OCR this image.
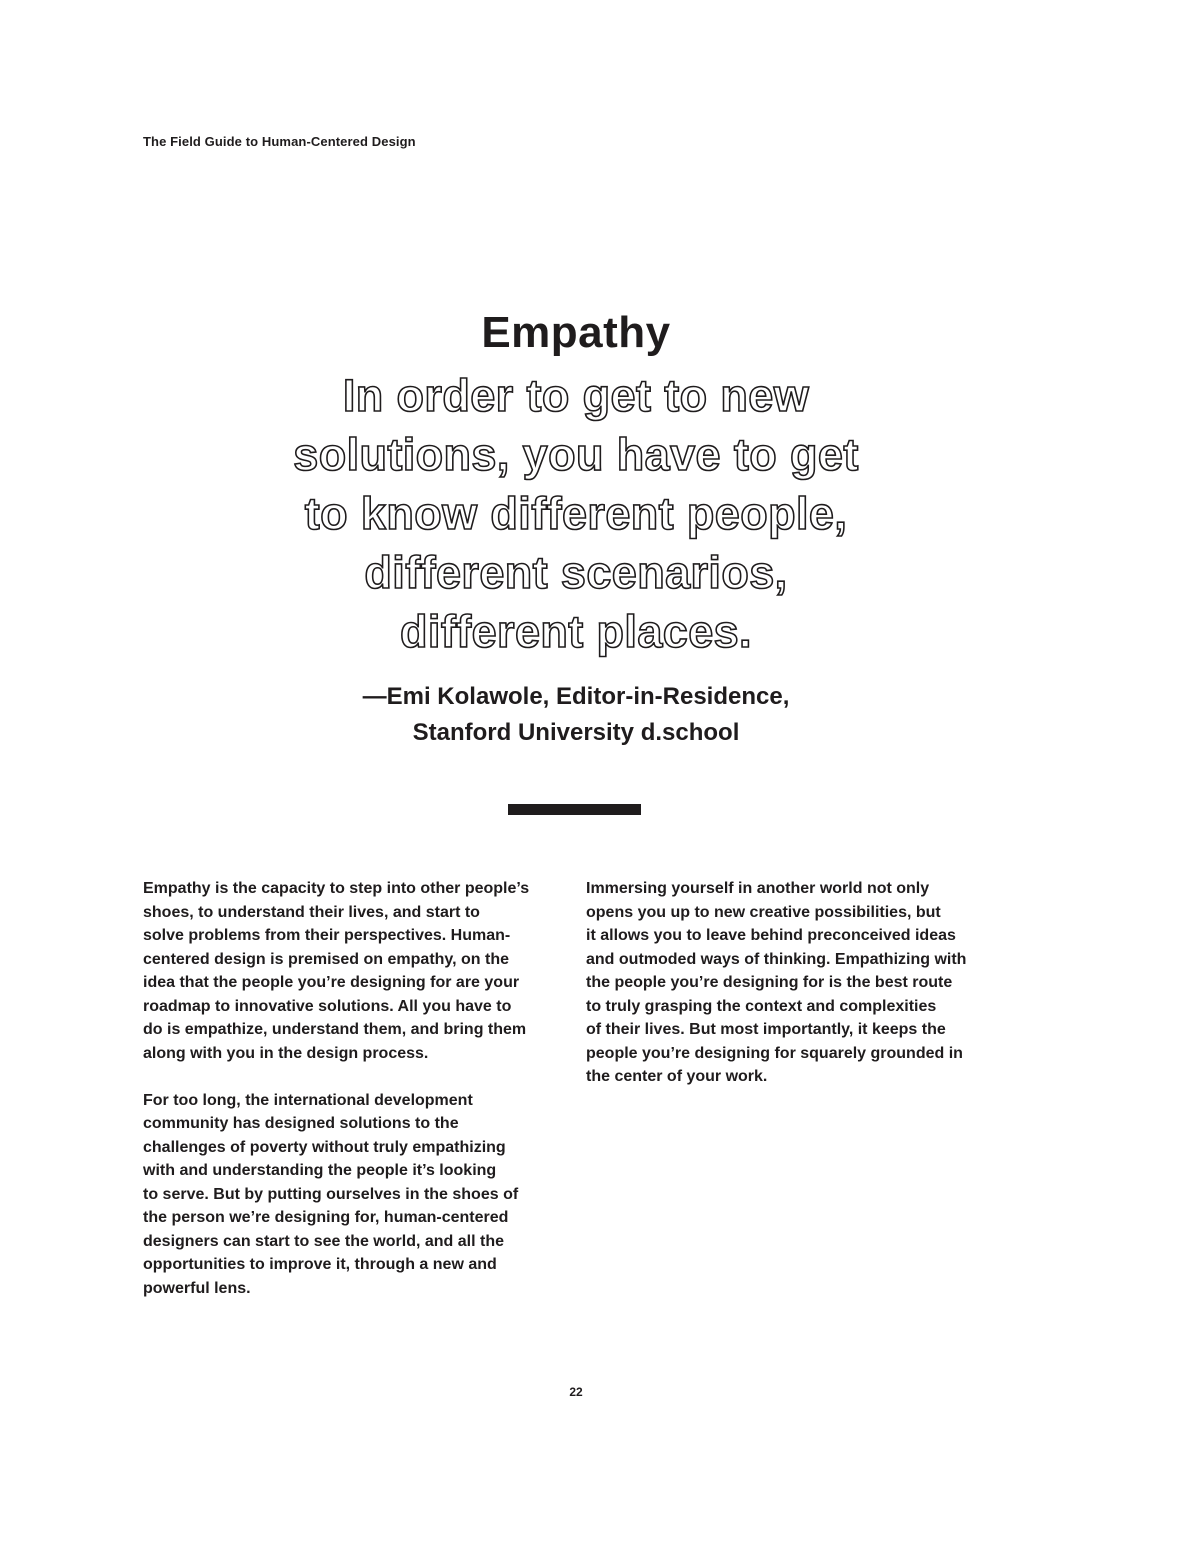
The Field Guide to Human-Centered Design
Empathy
In order to get to new
solutions, you have to get
to know different people,
different scenarios,
different places.
—Emi Kolawole, Editor-in-Residence,
Stanford University d.school

Empathy is the capacity to step into other people’s
shoes, to understand their lives, and start to
solve problems from their perspectives. Human-
centered design is premised on empathy, on the
idea that the people you’re designing for are your
roadmap to innovative solutions. All you have to
do is empathize, understand them, and bring them
along with you in the design process.

For too long, the international development
community has designed solutions to the
challenges of poverty without truly empathizing
with and understanding the people it’s looking
to serve. But by putting ourselves in the shoes of
the person we’re designing for, human-centered
designers can start to see the world, and all the
opportunities to improve it, through a new and
powerful lens.

Immersing yourself in another world not only
opens you up to new creative possibilities, but
it allows you to leave behind preconceived ideas
and outmoded ways of thinking. Empathizing with
the people you’re designing for is the best route
to truly grasping the context and complexities
of their lives. But most importantly, it keeps the
people you’re designing for squarely grounded in
the center of your work.

22
